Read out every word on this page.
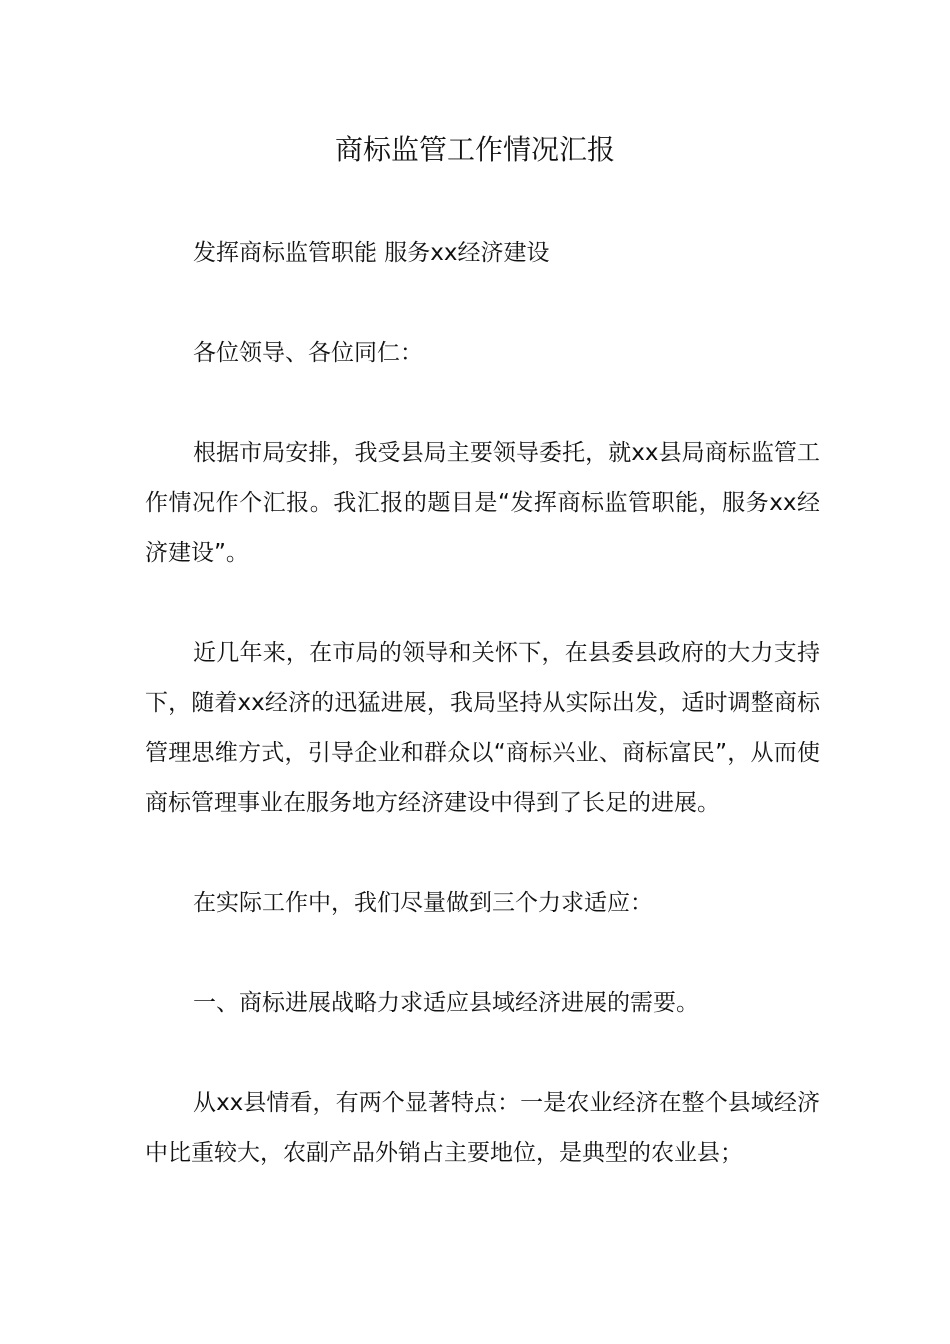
商标监管工作情况汇报

发挥商标监管职能 服务xx经济建设

各位领导、各位同仁：

根据市局安排，我受县局主要领导委托，就xx县局商标监管工作情况作个汇报。我汇报的题目是“发挥商标监管职能，服务xx经济建设”。

近几年来，在市局的领导和关怀下，在县委县政府的大力支持下，随着xx经济的迅猛进展，我局坚持从实际出发，适时调整商标管理思维方式，引导企业和群众以“商标兴业、商标富民”，从而使商标管理事业在服务地方经济建设中得到了长足的进展。

在实际工作中，我们尽量做到三个力求适应：

一、商标进展战略力求适应县域经济进展的需要。

从xx县情看，有两个显著特点：一是农业经济在整个县域经济中比重较大，农副产品外销占主要地位，是典型的农业县；
